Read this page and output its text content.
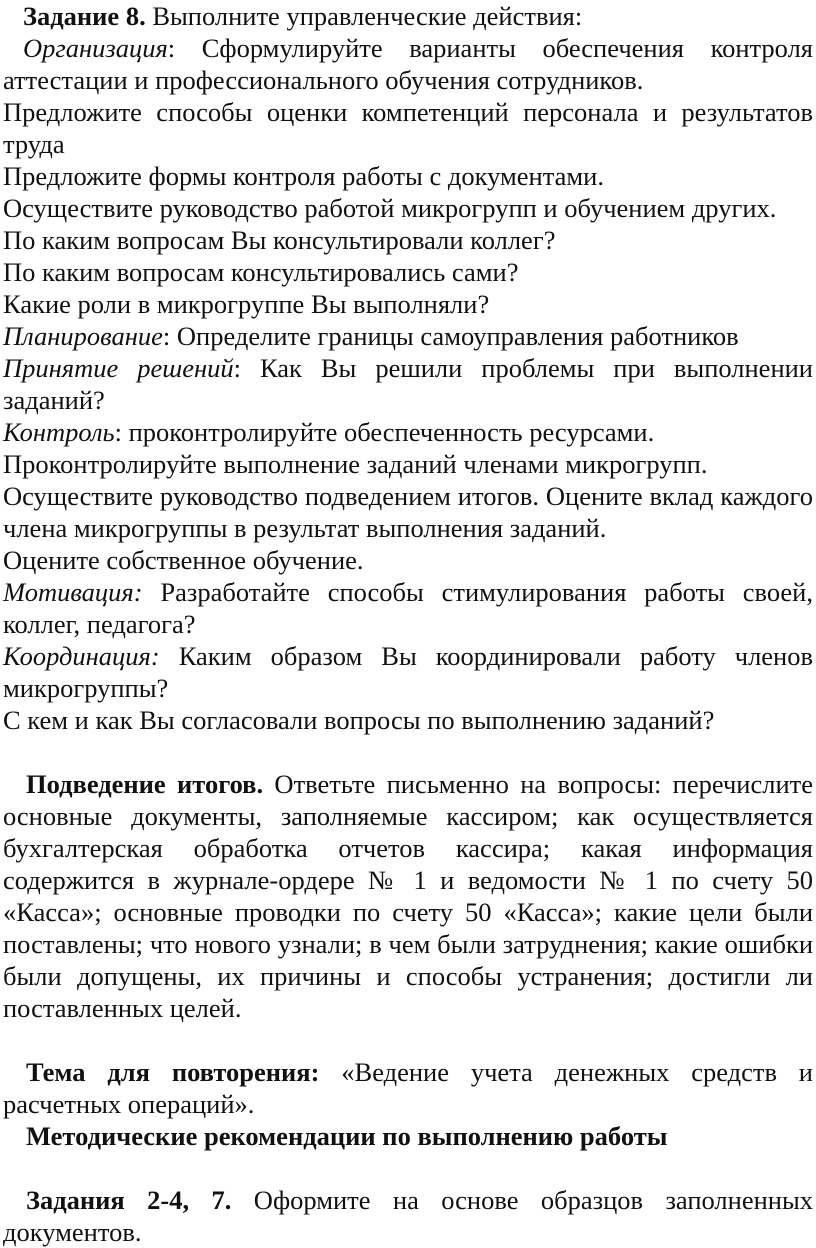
Задание 8. Выполните управленческие действия:

Организация: Сформулируйте варианты обеспечения контроля аттестации и профессионального обучения сотрудников.

Предложите способы оценки компетенций персонала и результатов труда

Предложите формы контроля работы с документами.

Осуществите руководство работой микрогрупп и обучением других.

По каким вопросам Вы консультировали коллег?

По каким вопросам консультировались сами?

Какие роли в микрогруппе Вы выполняли?

Планирование: Определите границы самоуправления работников

Принятие решений: Как Вы решили проблемы при выполнении заданий?

Контроль: проконтролируйте обеспеченность ресурсами.

Проконтролируйте выполнение заданий членами микрогрупп.

Осуществите руководство подведением итогов. Оцените вклад каждого члена микрогруппы в результат выполнения заданий.

Оцените собственное обучение.

Мотивация: Разработайте способы стимулирования работы своей, коллег, педагога?

Координация: Каким образом Вы координировали работу членов микрогруппы?

С кем и как Вы согласовали вопросы по выполнению заданий?

Подведение итогов. Ответьте письменно на вопросы: перечислите основные документы, заполняемые кассиром; как осуществляется бухгалтерская обработка отчетов кассира; какая информация содержится в журнале-ордере № 1 и ведомости № 1 по счету 50 «Касса»; основные проводки по счету 50 «Касса»; какие цели были поставлены; что нового узнали; в чем были затруднения; какие ошибки были допущены, их причины и способы устранения; достигли ли поставленных целей.

Тема для повторения: «Ведение учета денежных средств и расчетных операций».

Методические рекомендации по выполнению работы

Задания 2-4, 7. Оформите на основе образцов заполненных документов.
